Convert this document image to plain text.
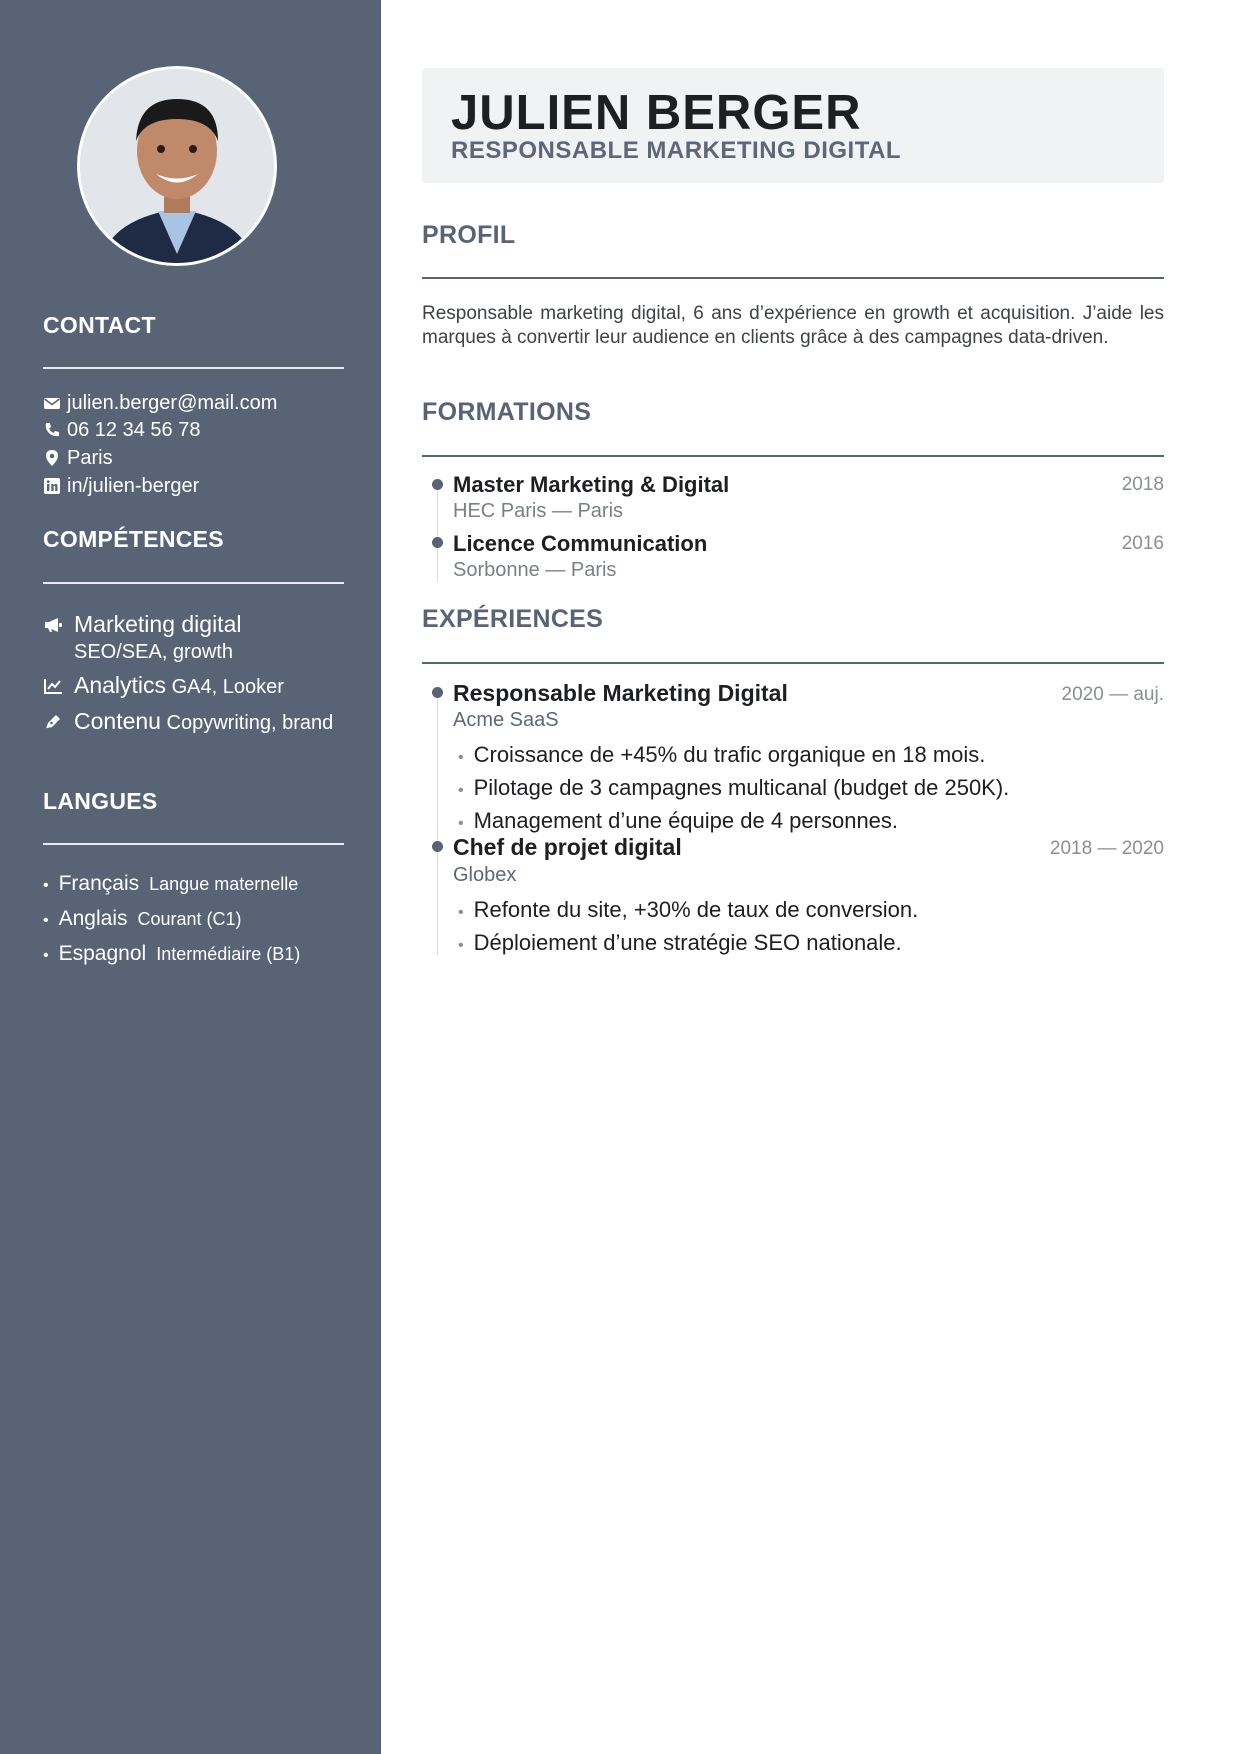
CONTACT
julien.berger@mail.com
06 12 34 56 78
Paris
in/julien-berger
COMPÉTENCES
Marketing digital
SEO/SEA, growth
Analytics GA4, Looker
Contenu Copywriting, brand
LANGUES
• Français Langue maternelle
• Anglais Courant (C1)
• Espagnol Intermédiaire (B1)
JULIEN BERGER
RESPONSABLE MARKETING DIGITAL
PROFIL

Responsable marketing digital, 6 ans d’expérience en growth et acquisition. J’aide les marques à convertir leur audience en clients grâce à des campagnes data-driven.

FORMATIONS
Master Marketing & Digital	2018
HEC Paris — Paris
Licence Communication	2016
Sorbonne — Paris
EXPÉRIENCES
Responsable Marketing Digital	2020 — auj.
Acme SaaS
• Croissance de +45% du trafic organique en 18 mois.
• Pilotage de 3 campagnes multicanal (budget de 250K).
• Management d’une équipe de 4 personnes.
Chef de projet digital	2018 — 2020
Globex
• Refonte du site, +30% de taux de conversion.
• Déploiement d’une stratégie SEO nationale.
